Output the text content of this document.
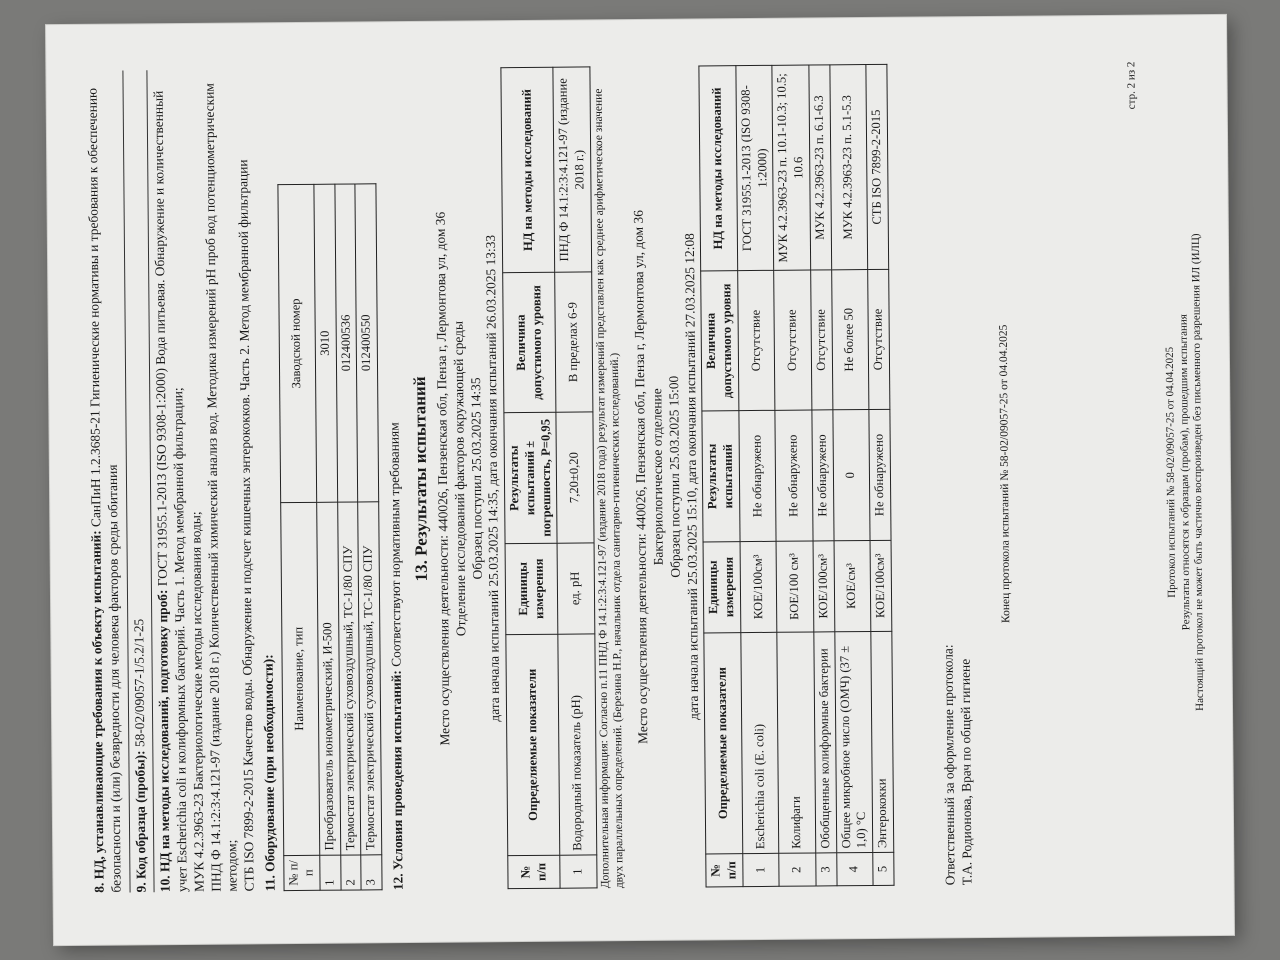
8. НД, устанавливающие требования к объекту испытаний: СанПиН 1.2.3685-21 Гигиенические нормативы и требования к обеспечению безопасности и (или) безвредности для человека факторов среды обитания 9. Код образца (пробы): 58-02/09057-1/5.2/1-25 10. НД на методы исследований, подготовку проб: ГОСТ 31955.1-2013 (ISO 9308-1:2000) Вода питьевая. Обнаружение и количественный учет Escherichia coli и колиформных бактерий. Часть 1. Метод мембранной фильтрации;
МУК 4.2.3963-23 Бактериологические методы исследования воды;
ПНД Ф 14.1:2:3:4.121-97 (издание 2018 г.) Количественный химический анализ вод. Методика измерений pH проб вод потенциометрическим методом;
СТБ ISO 7899-2-2015 Качество воды. Обнаружение и подсчет кишечных энтерококков. Часть 2. Метод мембранной фильтрации 11. Оборудование (при необходимости): № п/п	Наименование, тип	Заводской номер
1	Преобразователь ионометрический, И-500	3010
2	Термостат электрический суховоздушный, ТС-1/80 СПУ	012400536
3	Термостат электрический суховоздушный, ТС-1/80 СПУ	012400550
12. Условия проведения испытаний: Соответствуют нормативным требованиям 13. Результаты испытаний Место осуществления деятельности: 440026, Пензенская обл, Пенза г, Лермонтова ул, дом 36
Отделение исследований факторов окружающей среды Образец поступил 25.03.2025 14:35
дата начала испытаний 25.03.2025 14:35, дата окончания испытаний 26.03.2025 13:33
№ п/п	Определяемые показатели	Единицы измерения	Результаты испытаний ± погрешность, P=0,95	Величина допустимого уровня	НД на методы исследований
1	Водородный показатель (pH)	ед. pH	7,20±0,20	В пределах 6-9	ПНД Ф 14.1:2:3:4.121-97 (издание 2018 г.) Дополнительная информация: Согласно п.11 ПНД Ф 14.1:2:3:4.121-97 (издание 2018 года) результат измерений представлен как среднее арифметическое значение двух параллельных определений. (Березина Н.Р., начальник отдела санитарно-гигиенических исследований.) Место осуществления деятельности: 440026, Пензенская обл, Пенза г, Лермонтова ул, дом 36
Бактериологическое отделение Образец поступил 25.03.2025 15:00
дата начала испытаний 25.03.2025 15:10, дата окончания испытаний 27.03.2025 12:08
№ п/п	Определяемые показатели	Единицы измерения	Результаты испытаний	Величина допустимого уровня	НД на методы исследований
1	Escherichia coli (E. coli)	КОЕ/100см³	Не обнаружено	Отсутствие	ГОСТ 31955.1-2013 (ISO 9308-1:2000)
2	Колифаги	БОЕ/100 см³	Не обнаружено	Отсутствие	МУК 4.2.3963-23 п. 10.1-10.3; 10.5; 10.6
3	Обобщенные колиформные бактерии	КОЕ/100см³	Не обнаружено	Отсутствие	МУК 4.2.3963-23 п. 6.1-6.3
4	Общее микробное число (ОМЧ) (37 ± 1,0) °С	КОЕ/см³	0	Не более 50	МУК 4.2.3963-23 п. 5.1-5.3
5	Энтерококки	КОЕ/100см³	Не обнаружено	Отсутствие	СТБ ISO 7899-2-2015
Ответственный за оформление протокола: Т.А. Родионова, Врач по общей гигиене
Конец протокола испытаний № 58-02/09057-25 от 04.04.2025
стр. 2 из 2
Протокол испытаний № 58-02/09057-25 от 04.04.2025 Результаты относятся к образцам (пробам), прошедшим испытания
Настоящий протокол не может быть частично воспроизведен без письменного разрешения ИЛ (ИЛЦ)
